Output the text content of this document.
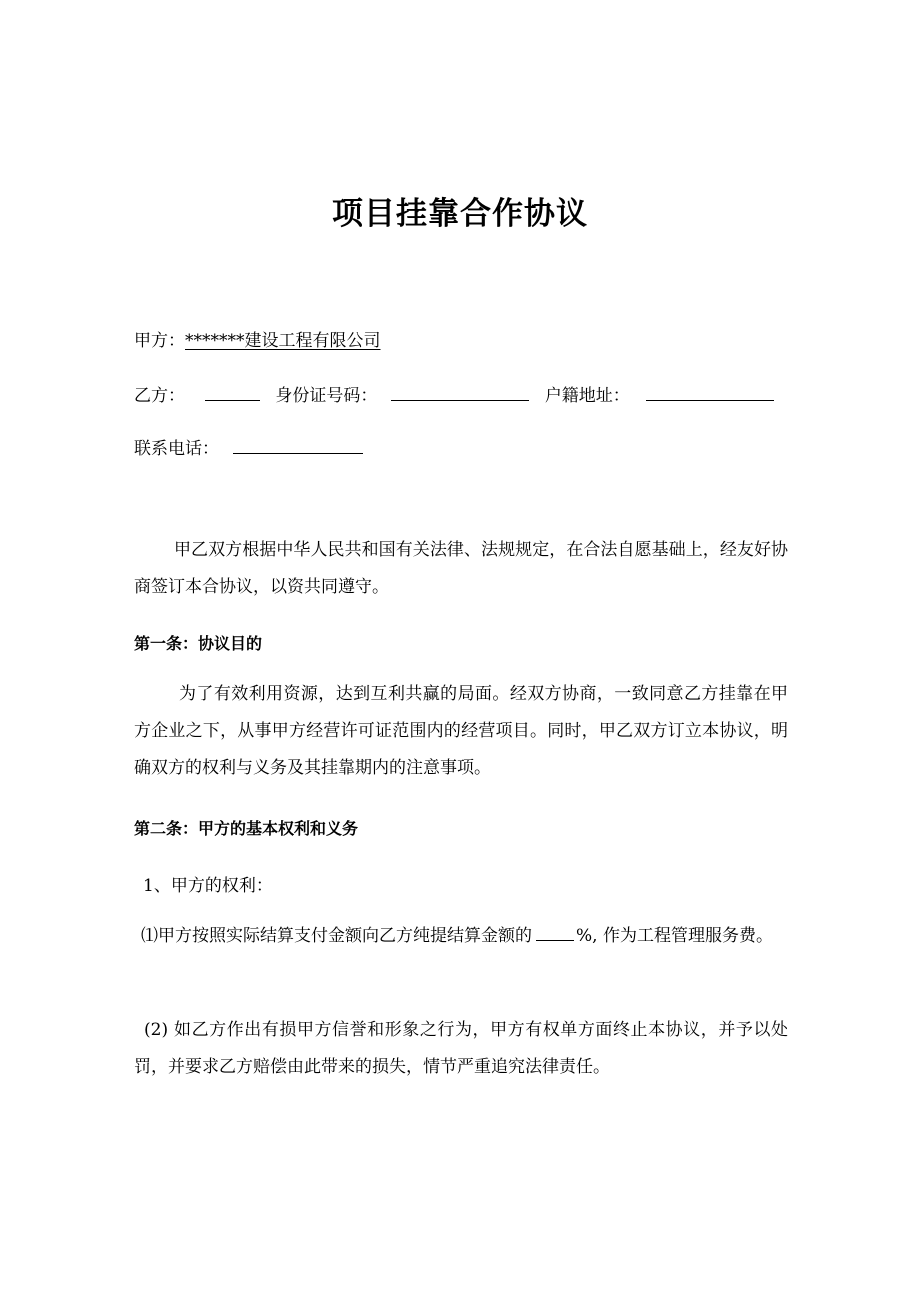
项目挂靠合作协议
甲方：*******建设工程有限公司
乙方：	身份证号码：	户籍地址：
联系电话：
甲乙双方根据中华人民共和国有关法律、法规规定，在合法自愿基础上，经友好协商签订本合协议，以资共同遵守。
第一条：协议目的
为了有效利用资源，达到互利共赢的局面。经双方协商，一致同意乙方挂靠在甲方企业之下，从事甲方经营许可证范围内的经营项目。同时，甲乙双方订立本协议，明确双方的权利与义务及其挂靠期内的注意事项。
第二条：甲方的基本权利和义务
1、甲方的权利：
⑴甲方按照实际结算支付金额向乙方纯提结算金额的	%, 作为工程管理服务费。
(2) 如乙方作出有损甲方信誉和形象之行为，甲方有权单方面终止本协议，并予以处罚，并要求乙方赔偿由此带来的损失，情节严重追究法律责任。
